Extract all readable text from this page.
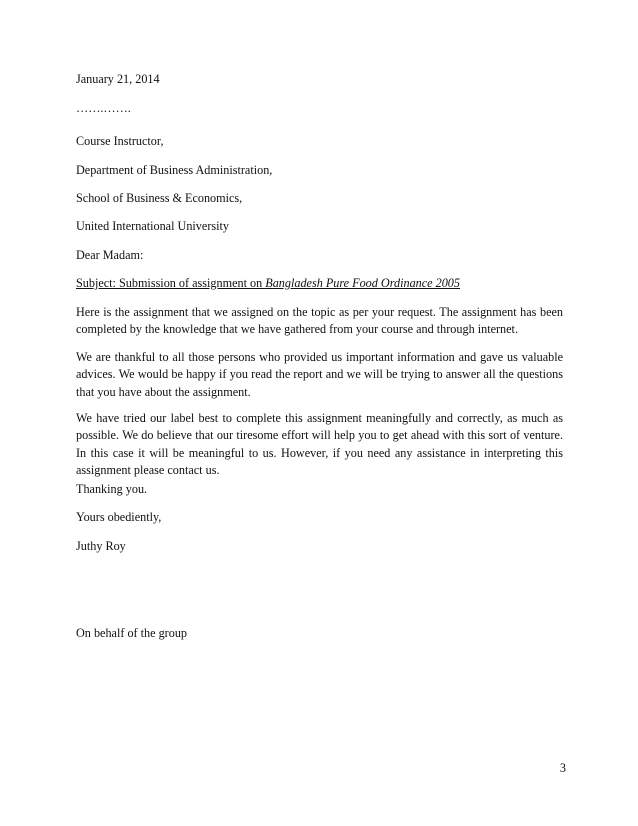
January 21, 2014
…….…….
Course Instructor,
Department of Business Administration,
School of Business & Economics,
United International University
Dear Madam:
Subject: Submission of assignment on Bangladesh Pure Food Ordinance 2005
Here is the assignment that we assigned on the topic as per your request. The assignment has been completed by the knowledge that we have gathered from your course and through internet.
We are thankful to all those persons who provided us important information and gave us valuable advices. We would be happy if you read the report and we will be trying to answer all the questions that you have about the assignment.
We have tried our label best to complete this assignment meaningfully and correctly, as much as possible. We do believe that our tiresome effort will help you to get ahead with this sort of venture. In this case it will be meaningful to us. However, if you need any assistance in interpreting this assignment please contact us.
Thanking you.
Yours obediently,
Juthy Roy
On behalf of the group
3
